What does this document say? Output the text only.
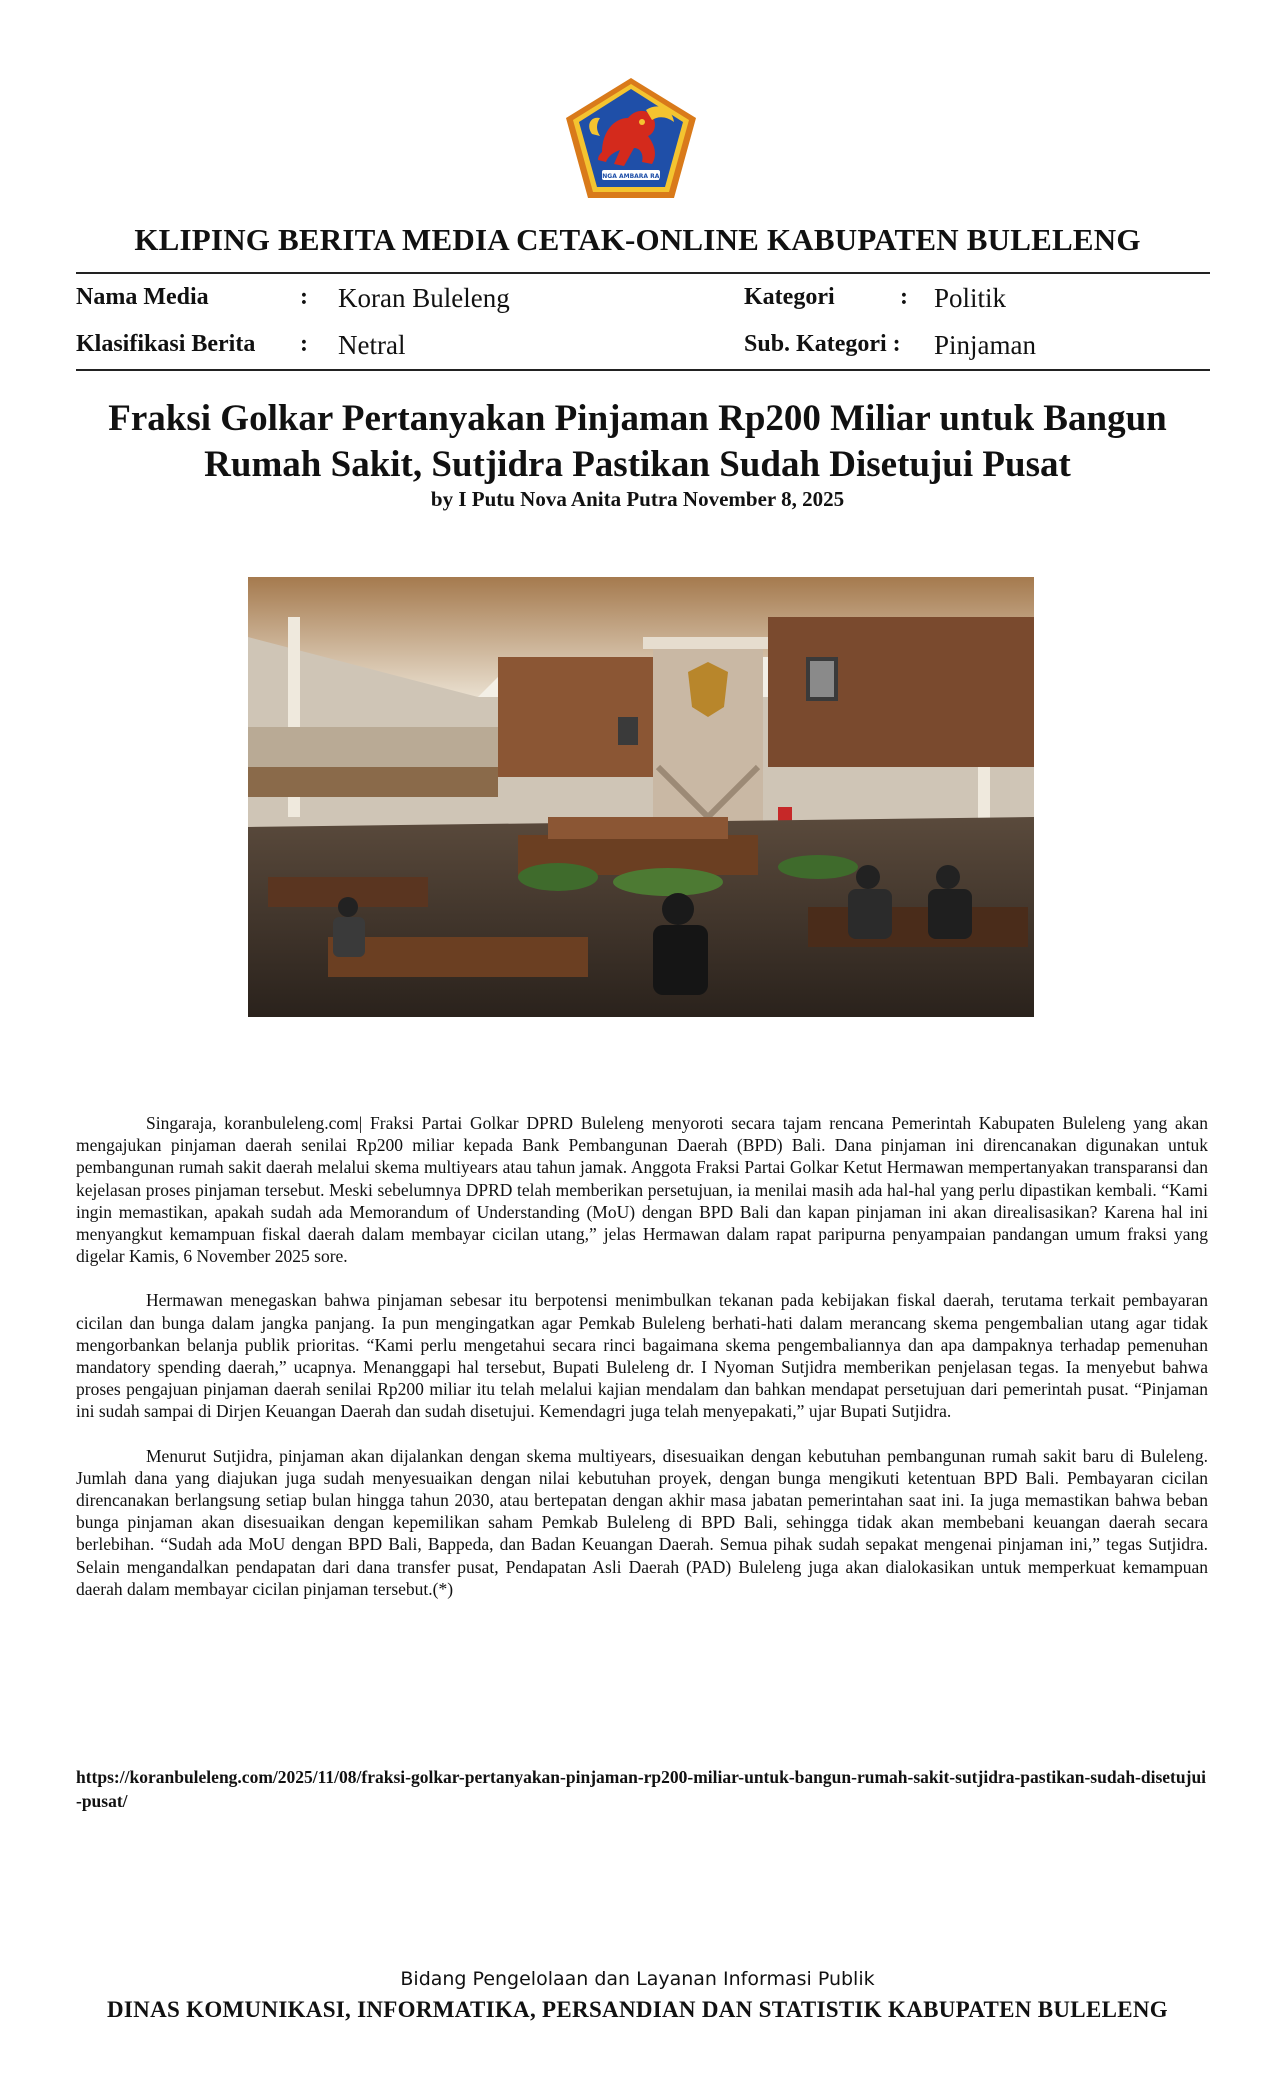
SINGA AMBARA RAJA
KLIPING BERITA MEDIA CETAK-ONLINE KABUPATEN BULELENG
Nama Media	: Koran Buleleng	Kategori	: Politik
Klasifikasi Berita : Netral	Sub. Kategori : Pinjaman
Fraksi Golkar Pertanyakan Pinjaman Rp200 Miliar untuk Bangun Rumah Sakit, Sutjidra Pastikan Sudah Disetujui Pusat
by I Putu Nova Anita Putra November 8, 2025

Singaraja, koranbuleleng.com| Fraksi Partai Golkar DPRD Buleleng menyoroti secara tajam rencana Pemerintah Kabupaten Buleleng yang akan mengajukan pinjaman daerah senilai Rp200 miliar kepada Bank Pembangunan Daerah (BPD) Bali. Dana pinjaman ini direncanakan digunakan untuk pembangunan rumah sakit daerah melalui skema multiyears atau tahun jamak. Anggota Fraksi Partai Golkar Ketut Hermawan mempertanyakan transparansi dan kejelasan proses pinjaman tersebut. Meski sebelumnya DPRD telah memberikan persetujuan, ia menilai masih ada hal-hal yang perlu dipastikan kembali. “Kami ingin memastikan, apakah sudah ada Memorandum of Understanding (MoU) dengan BPD Bali dan kapan pinjaman ini akan direalisasikan? Karena hal ini menyangkut kemampuan fiskal daerah dalam membayar cicilan utang,” jelas Hermawan dalam rapat paripurna penyampaian pandangan umum fraksi yang digelar Kamis, 6 November 2025 sore.

Hermawan menegaskan bahwa pinjaman sebesar itu berpotensi menimbulkan tekanan pada kebijakan fiskal daerah, terutama terkait pembayaran cicilan dan bunga dalam jangka panjang. Ia pun mengingatkan agar Pemkab Buleleng berhati-hati dalam merancang skema pengembalian utang agar tidak mengorbankan belanja publik prioritas. “Kami perlu mengetahui secara rinci bagaimana skema pengembaliannya dan apa dampaknya terhadap pemenuhan mandatory spending daerah,” ucapnya. Menanggapi hal tersebut, Bupati Buleleng dr. I Nyoman Sutjidra memberikan penjelasan tegas. Ia menyebut bahwa proses pengajuan pinjaman daerah senilai Rp200 miliar itu telah melalui kajian mendalam dan bahkan mendapat persetujuan dari pemerintah pusat. “Pinjaman ini sudah sampai di Dirjen Keuangan Daerah dan sudah disetujui. Kemendagri juga telah menyepakati,” ujar Bupati Sutjidra.

Menurut Sutjidra, pinjaman akan dijalankan dengan skema multiyears, disesuaikan dengan kebutuhan pembangunan rumah sakit baru di Buleleng. Jumlah dana yang diajukan juga sudah menyesuaikan dengan nilai kebutuhan proyek, dengan bunga mengikuti ketentuan BPD Bali. Pembayaran cicilan direncanakan berlangsung setiap bulan hingga tahun 2030, atau bertepatan dengan akhir masa jabatan pemerintahan saat ini. Ia juga memastikan bahwa beban bunga pinjaman akan disesuaikan dengan kepemilikan saham Pemkab Buleleng di BPD Bali, sehingga tidak akan membebani keuangan daerah secara berlebihan. “Sudah ada MoU dengan BPD Bali, Bappeda, dan Badan Keuangan Daerah. Semua pihak sudah sepakat mengenai pinjaman ini,” tegas Sutjidra. Selain mengandalkan pendapatan dari dana transfer pusat, Pendapatan Asli Daerah (PAD) Buleleng juga akan dialokasikan untuk memperkuat kemampuan daerah dalam membayar cicilan pinjaman tersebut.(*)

https://koranbuleleng.com/2025/11/08/fraksi-golkar-pertanyakan-pinjaman-rp200-miliar-untuk-bangun-rumah-sakit-sutjidra-pastikan-sudah-disetujui-pusat/
Bidang Pengelolaan dan Layanan Informasi Publik
DINAS KOMUNIKASI, INFORMATIKA, PERSANDIAN DAN STATISTIK KABUPATEN BULELENG
